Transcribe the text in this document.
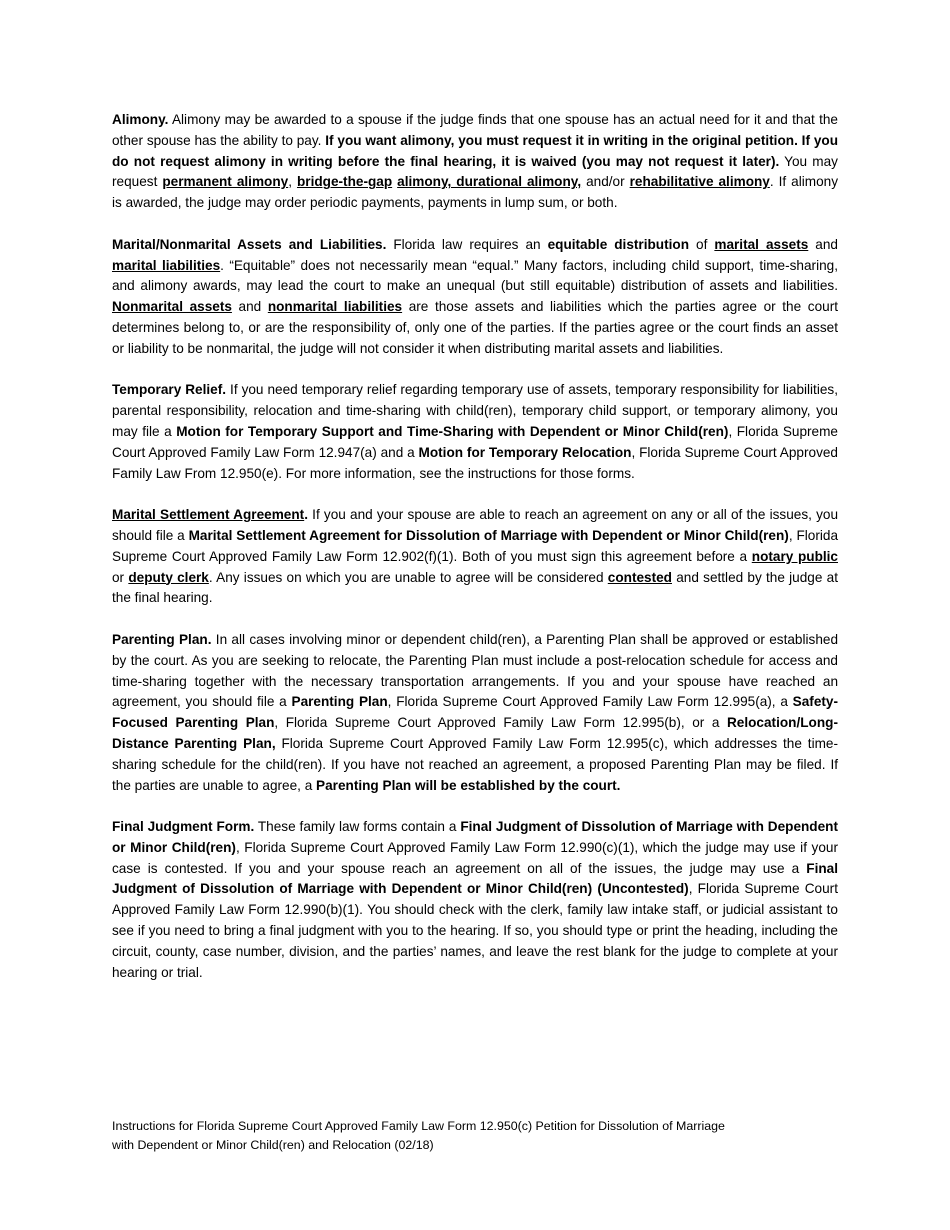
Alimony. Alimony may be awarded to a spouse if the judge finds that one spouse has an actual need for it and that the other spouse has the ability to pay. If you want alimony, you must request it in writing in the original petition. If you do not request alimony in writing before the final hearing, it is waived (you may not request it later). You may request permanent alimony, bridge-the-gap alimony, durational alimony, and/or rehabilitative alimony. If alimony is awarded, the judge may order periodic payments, payments in lump sum, or both.

Marital/Nonmarital Assets and Liabilities. Florida law requires an equitable distribution of marital assets and marital liabilities. “Equitable” does not necessarily mean “equal.” Many factors, including child support, time-sharing, and alimony awards, may lead the court to make an unequal (but still equitable) distribution of assets and liabilities. Nonmarital assets and nonmarital liabilities are those assets and liabilities which the parties agree or the court determines belong to, or are the responsibility of, only one of the parties. If the parties agree or the court finds an asset or liability to be nonmarital, the judge will not consider it when distributing marital assets and liabilities.

Temporary Relief. If you need temporary relief regarding temporary use of assets, temporary responsibility for liabilities, parental responsibility, relocation and time-sharing with child(ren), temporary child support, or temporary alimony, you may file a Motion for Temporary Support and Time-Sharing with Dependent or Minor Child(ren), Florida Supreme Court Approved Family Law Form 12.947(a) and a Motion for Temporary Relocation, Florida Supreme Court Approved Family Law From 12.950(e). For more information, see the instructions for those forms.

Marital Settlement Agreement. If you and your spouse are able to reach an agreement on any or all of the issues, you should file a Marital Settlement Agreement for Dissolution of Marriage with Dependent or Minor Child(ren), Florida Supreme Court Approved Family Law Form 12.902(f)(1). Both of you must sign this agreement before a notary public or deputy clerk. Any issues on which you are unable to agree will be considered contested and settled by the judge at the final hearing.

Parenting Plan. In all cases involving minor or dependent child(ren), a Parenting Plan shall be approved or established by the court. As you are seeking to relocate, the Parenting Plan must include a post-relocation schedule for access and time-sharing together with the necessary transportation arrangements. If you and your spouse have reached an agreement, you should file a Parenting Plan, Florida Supreme Court Approved Family Law Form 12.995(a), a Safety-Focused Parenting Plan, Florida Supreme Court Approved Family Law Form 12.995(b), or a Relocation/Long-Distance Parenting Plan, Florida Supreme Court Approved Family Law Form 12.995(c), which addresses the time-sharing schedule for the child(ren). If you have not reached an agreement, a proposed Parenting Plan may be filed. If the parties are unable to agree, a Parenting Plan will be established by the court.

Final Judgment Form. These family law forms contain a Final Judgment of Dissolution of Marriage with Dependent or Minor Child(ren), Florida Supreme Court Approved Family Law Form 12.990(c)(1), which the judge may use if your case is contested. If you and your spouse reach an agreement on all of the issues, the judge may use a Final Judgment of Dissolution of Marriage with Dependent or Minor Child(ren) (Uncontested), Florida Supreme Court Approved Family Law Form 12.990(b)(1). You should check with the clerk, family law intake staff, or judicial assistant to see if you need to bring a final judgment with you to the hearing. If so, you should type or print the heading, including the circuit, county, case number, division, and the parties’ names, and leave the rest blank for the judge to complete at your hearing or trial.

Instructions for Florida Supreme Court Approved Family Law Form 12.950(c) Petition for Dissolution of Marriage
with Dependent or Minor Child(ren) and Relocation (02/18)
